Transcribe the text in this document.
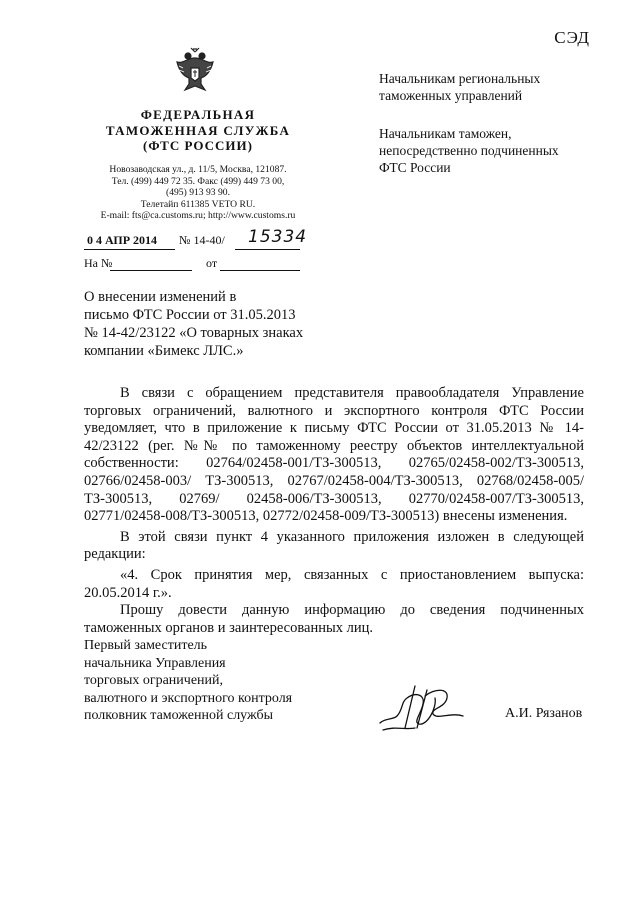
СЭД
ФЕДЕРАЛЬНАЯ
ТАМОЖЕННАЯ СЛУЖБА
(ФТС РОССИИ)
Новозаводская ул., д. 11/5, Москва, 121087.
Тел. (499) 449 72 35. Факс (499) 449 73 00,
(495) 913 93 90.
Телетайп 611385 VETO RU.
E-mail: fts@ca.customs.ru; http://www.customs.ru
0 4 АПР 2014 № 14-40/ 15334
На №	от
Начальникам региональных
таможенных управлений
Начальникам таможен,
непосредственно подчиненных
ФТС России
О внесении изменений в
письмо ФТС России от 31.05.2013
№ 14-42/23122 «О товарных знаках
компании «Бимекс ЛЛС.»

В связи с обращением представителя правообладателя Управление торговых ограничений, валютного и экспортного контроля ФТС России уведомляет, что в приложение к письму ФТС России от 31.05.2013 № 14-42/23122 (рег. №№ по таможенному реестру объектов интеллектуальной собственности: 02764/02458-001/ТЗ-300513, 02765/02458-002/ТЗ-300513, 02766/02458-003/ ТЗ-300513, 02767/02458-004/ТЗ-300513, 02768/02458-005/ТЗ-300513, 02769/ 02458-006/ТЗ-300513, 02770/02458-007/ТЗ-300513, 02771/02458-008/ТЗ-300513, 02772/02458-009/ТЗ-300513) внесены изменения.

В этой связи пункт 4 указанного приложения изложен в следующей редакции:

«4. Срок принятия мер, связанных с приостановлением выпуска: 20.05.2014 г.».

Прошу довести данную информацию до сведения подчиненных таможенных органов и заинтересованных лиц.

Первый заместитель
начальника Управления
торговых ограничений,
валютного и экспортного контроля
полковник таможенной службы	А.И. Рязанов
